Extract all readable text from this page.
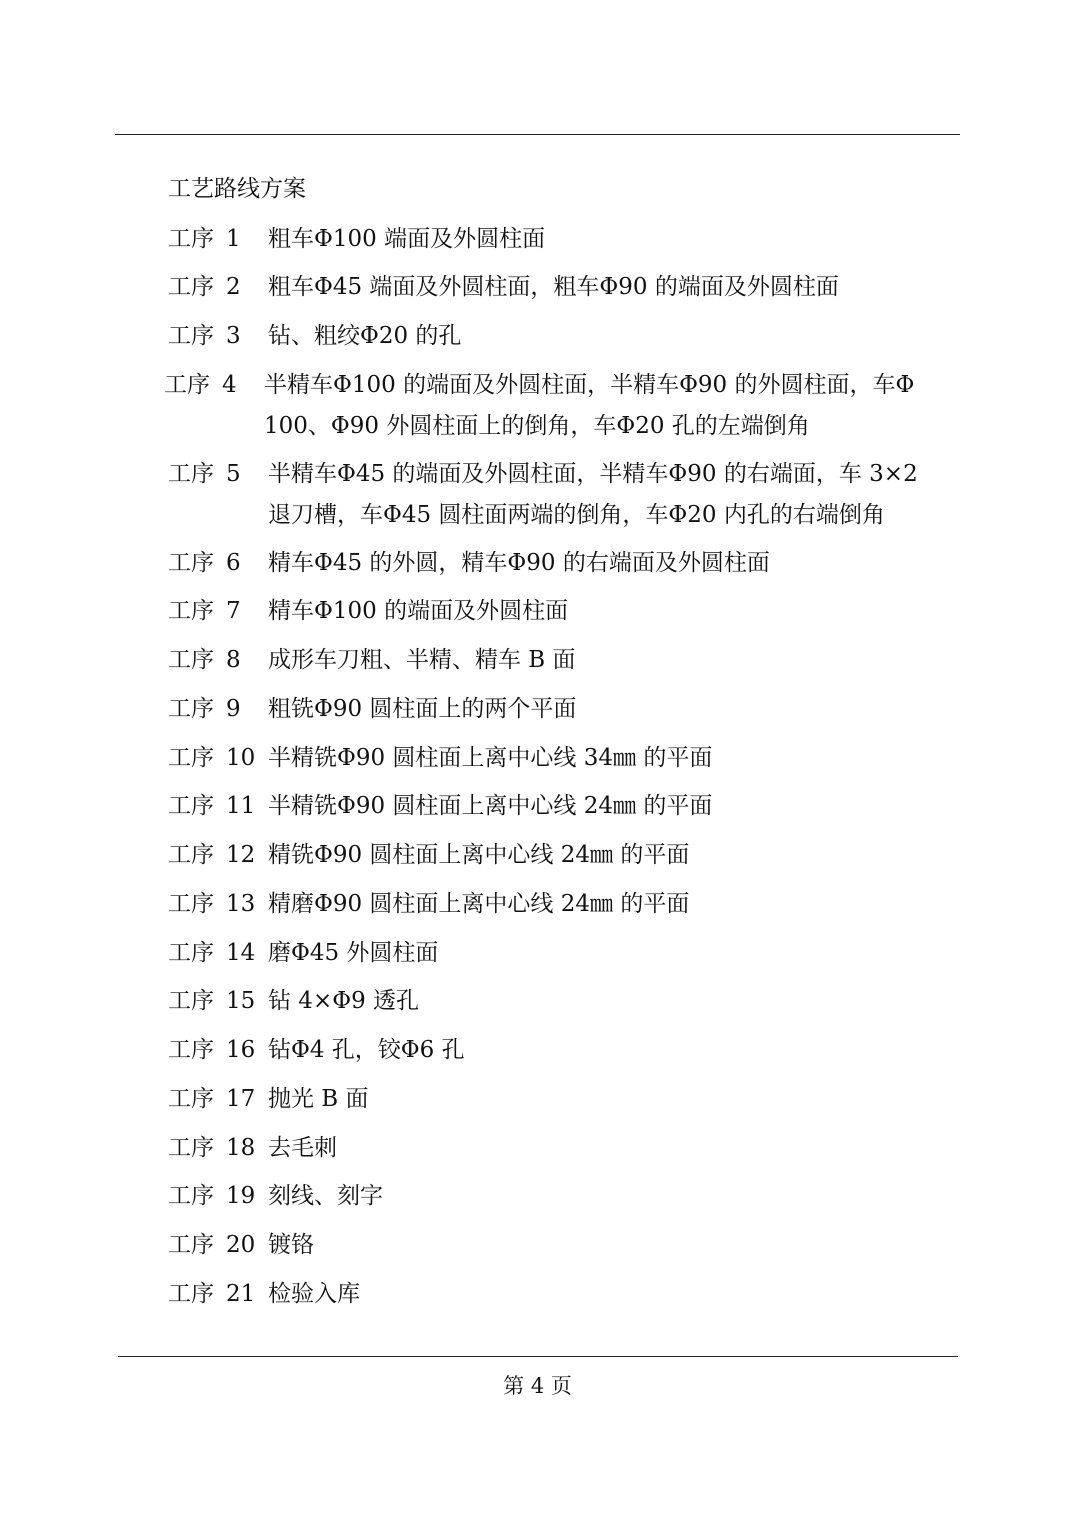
工艺路线方案
工序 1	粗车Φ100 端面及外圆柱面
工序 2	粗车Φ45 端面及外圆柱面，粗车Φ90 的端面及外圆柱面
工序 3	钻、粗绞Φ20 的孔
工序 4	半精车Φ100 的端面及外圆柱面，半精车Φ90 的外圆柱面，车Φ
100、Φ90 外圆柱面上的倒角，车Φ20 孔的左端倒角
工序 5	半精车Φ45 的端面及外圆柱面，半精车Φ90 的右端面，车 3×2
退刀槽，车Φ45 圆柱面两端的倒角，车Φ20 内孔的右端倒角
工序 6	精车Φ45 的外圆，精车Φ90 的右端面及外圆柱面
工序 7	精车Φ100 的端面及外圆柱面
工序 8	成形车刀粗、半精、精车 B 面
工序 9	粗铣Φ90 圆柱面上的两个平面
工序 10 半精铣Φ90 圆柱面上离中心线 34㎜ 的平面
工序 11 半精铣Φ90 圆柱面上离中心线 24㎜ 的平面
工序 12 精铣Φ90 圆柱面上离中心线 24㎜ 的平面
工序 13 精磨Φ90 圆柱面上离中心线 24㎜ 的平面
工序 14 磨Φ45 外圆柱面
工序 15 钻 4×Φ9 透孔
工序 16 钻Φ4 孔，铰Φ6 孔
工序 17 抛光 B 面
工序 18 去毛刺
工序 19 刻线、刻字
工序 20 镀铬
工序 21 检验入库
第 4 页
